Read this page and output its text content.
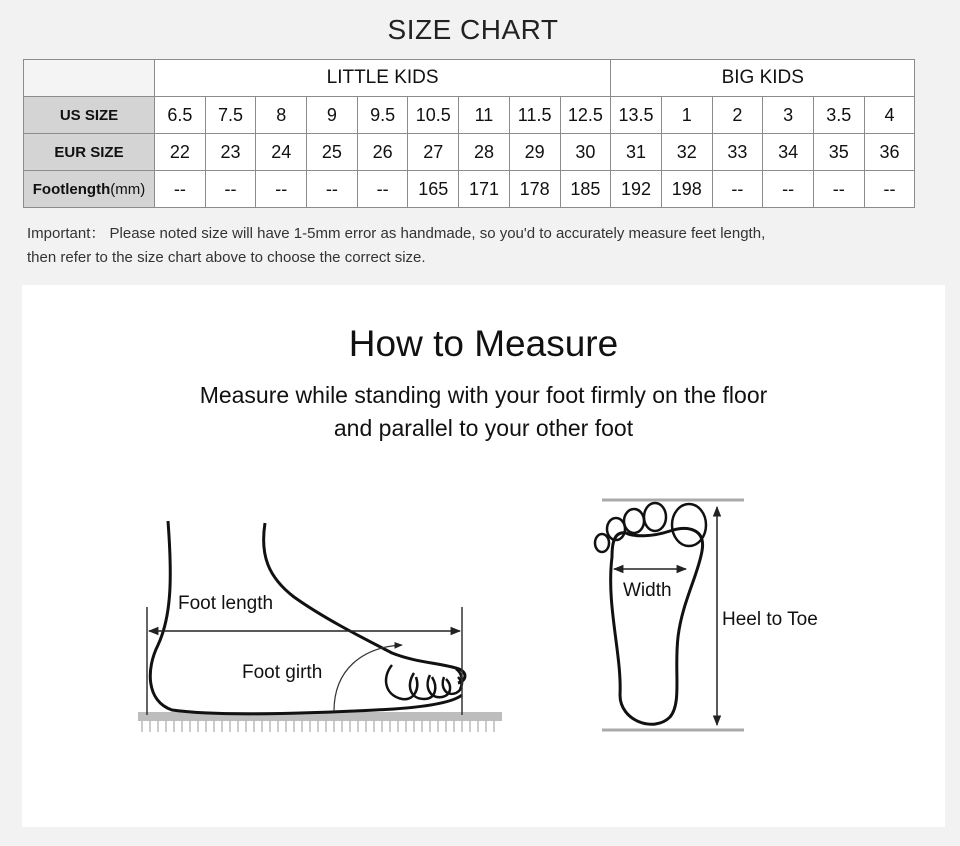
SIZE CHART
	LITTLE KIDS									BIG KIDS					
US SIZE	6.5	7.5	8	9	9.5	10.5	11	11.5	12.5	13.5	1	2	3	3.5	4
EUR SIZE	22	23	24	25	26	27	28	29	30	31	32	33	34	35	36
Footlength(mm)	--	--	--	--	--	165	171	178	185	192	198	--	--	--	--
Important： Please noted size will have 1-5mm error as handmade, so you'd to accurately measure feet length,
then refer to the size chart above to choose the correct size.
How to Measure
Measure while standing with your foot firmly on the floor
and parallel to your other foot
Foot length
Foot girth
Width
Heel to Toe
